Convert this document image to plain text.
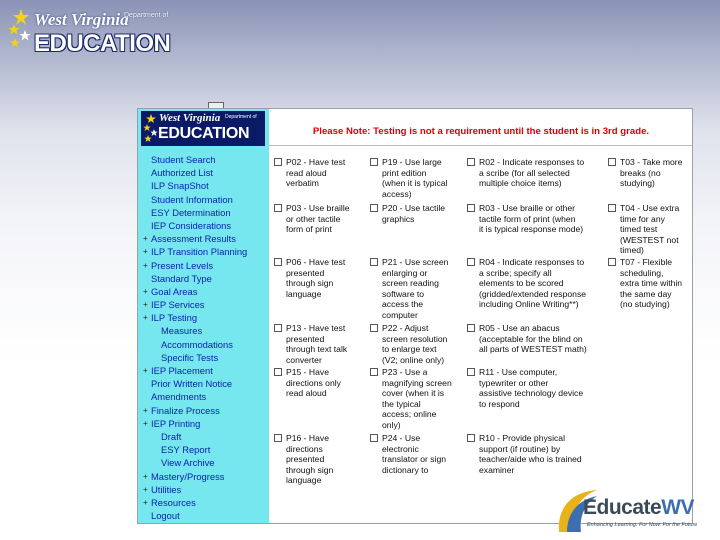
West Virginia
Department of
EDUCATION
West Virginia Department of
EDUCATION
Student Search
Authorized List
ILP SnapShot
Student Information
ESY Determination
IEP Considerations
+ Assessment Results
+ ILP Transition Planning
+ Present Levels
Standard Type
+ Goal Areas
+ IEP Services
+ ILP Testing
Measures
Accommodations
Specific Tests
+ IEP Placement
Prior Written Notice
Amendments
+ Finalize Process
+ IEP Printing
Draft
ESY Report
View Archive
+ Mastery/Progress
+ Utilities
+ Resources
Logout
Please Note: Testing is not a requirement until the student is in 3rd grade.
P02 - Have test
read aloud
verbatim
P03 - Use braille
or other tactile
form of print
P06 - Have test
presented
through sign
language
P13 - Have test
presented
through text talk
converter
P15 - Have
directions only
read aloud
P16 - Have
directions
presented
through sign
language
P19 - Use large
print edition
(when it is typical
access)
P20 - Use tactile
graphics
P21 - Use screen
enlarging or
screen reading
software to
access the
computer
P22 - Adjust
screen resolution
to enlarge text
(V2; online only)
P23 - Use a
magnifying screen
cover (when it is
the typical
access; online
only)
P24 - Use
electronic
translator or sign
dictionary to
R02 - Indicate responses to
a scribe (for all selected
multiple choice items)
R03 - Use braille or other
tactile form of print (when
it is typical response mode)
R04 - Indicate responses to
a scribe; specify all
elements to be scored
(gridded/extended response
including Online Writing**)
R05 - Use an abacus
(acceptable for the blind on
all parts of WESTEST math)
R11 - Use computer,
typewriter or other
assistive technology device
to respond
R10 - Provide physical
support (if routine) by
teacher/aide who is trained
examiner
T03 - Take more
breaks (no
studying)
T04 - Use extra
time for any
timed test
(WESTEST not
timed)
T07 - Flexible
scheduling,
extra time within
the same day
(no studying)
EducateWV
Enhancing Learning. For Now. For the Future
